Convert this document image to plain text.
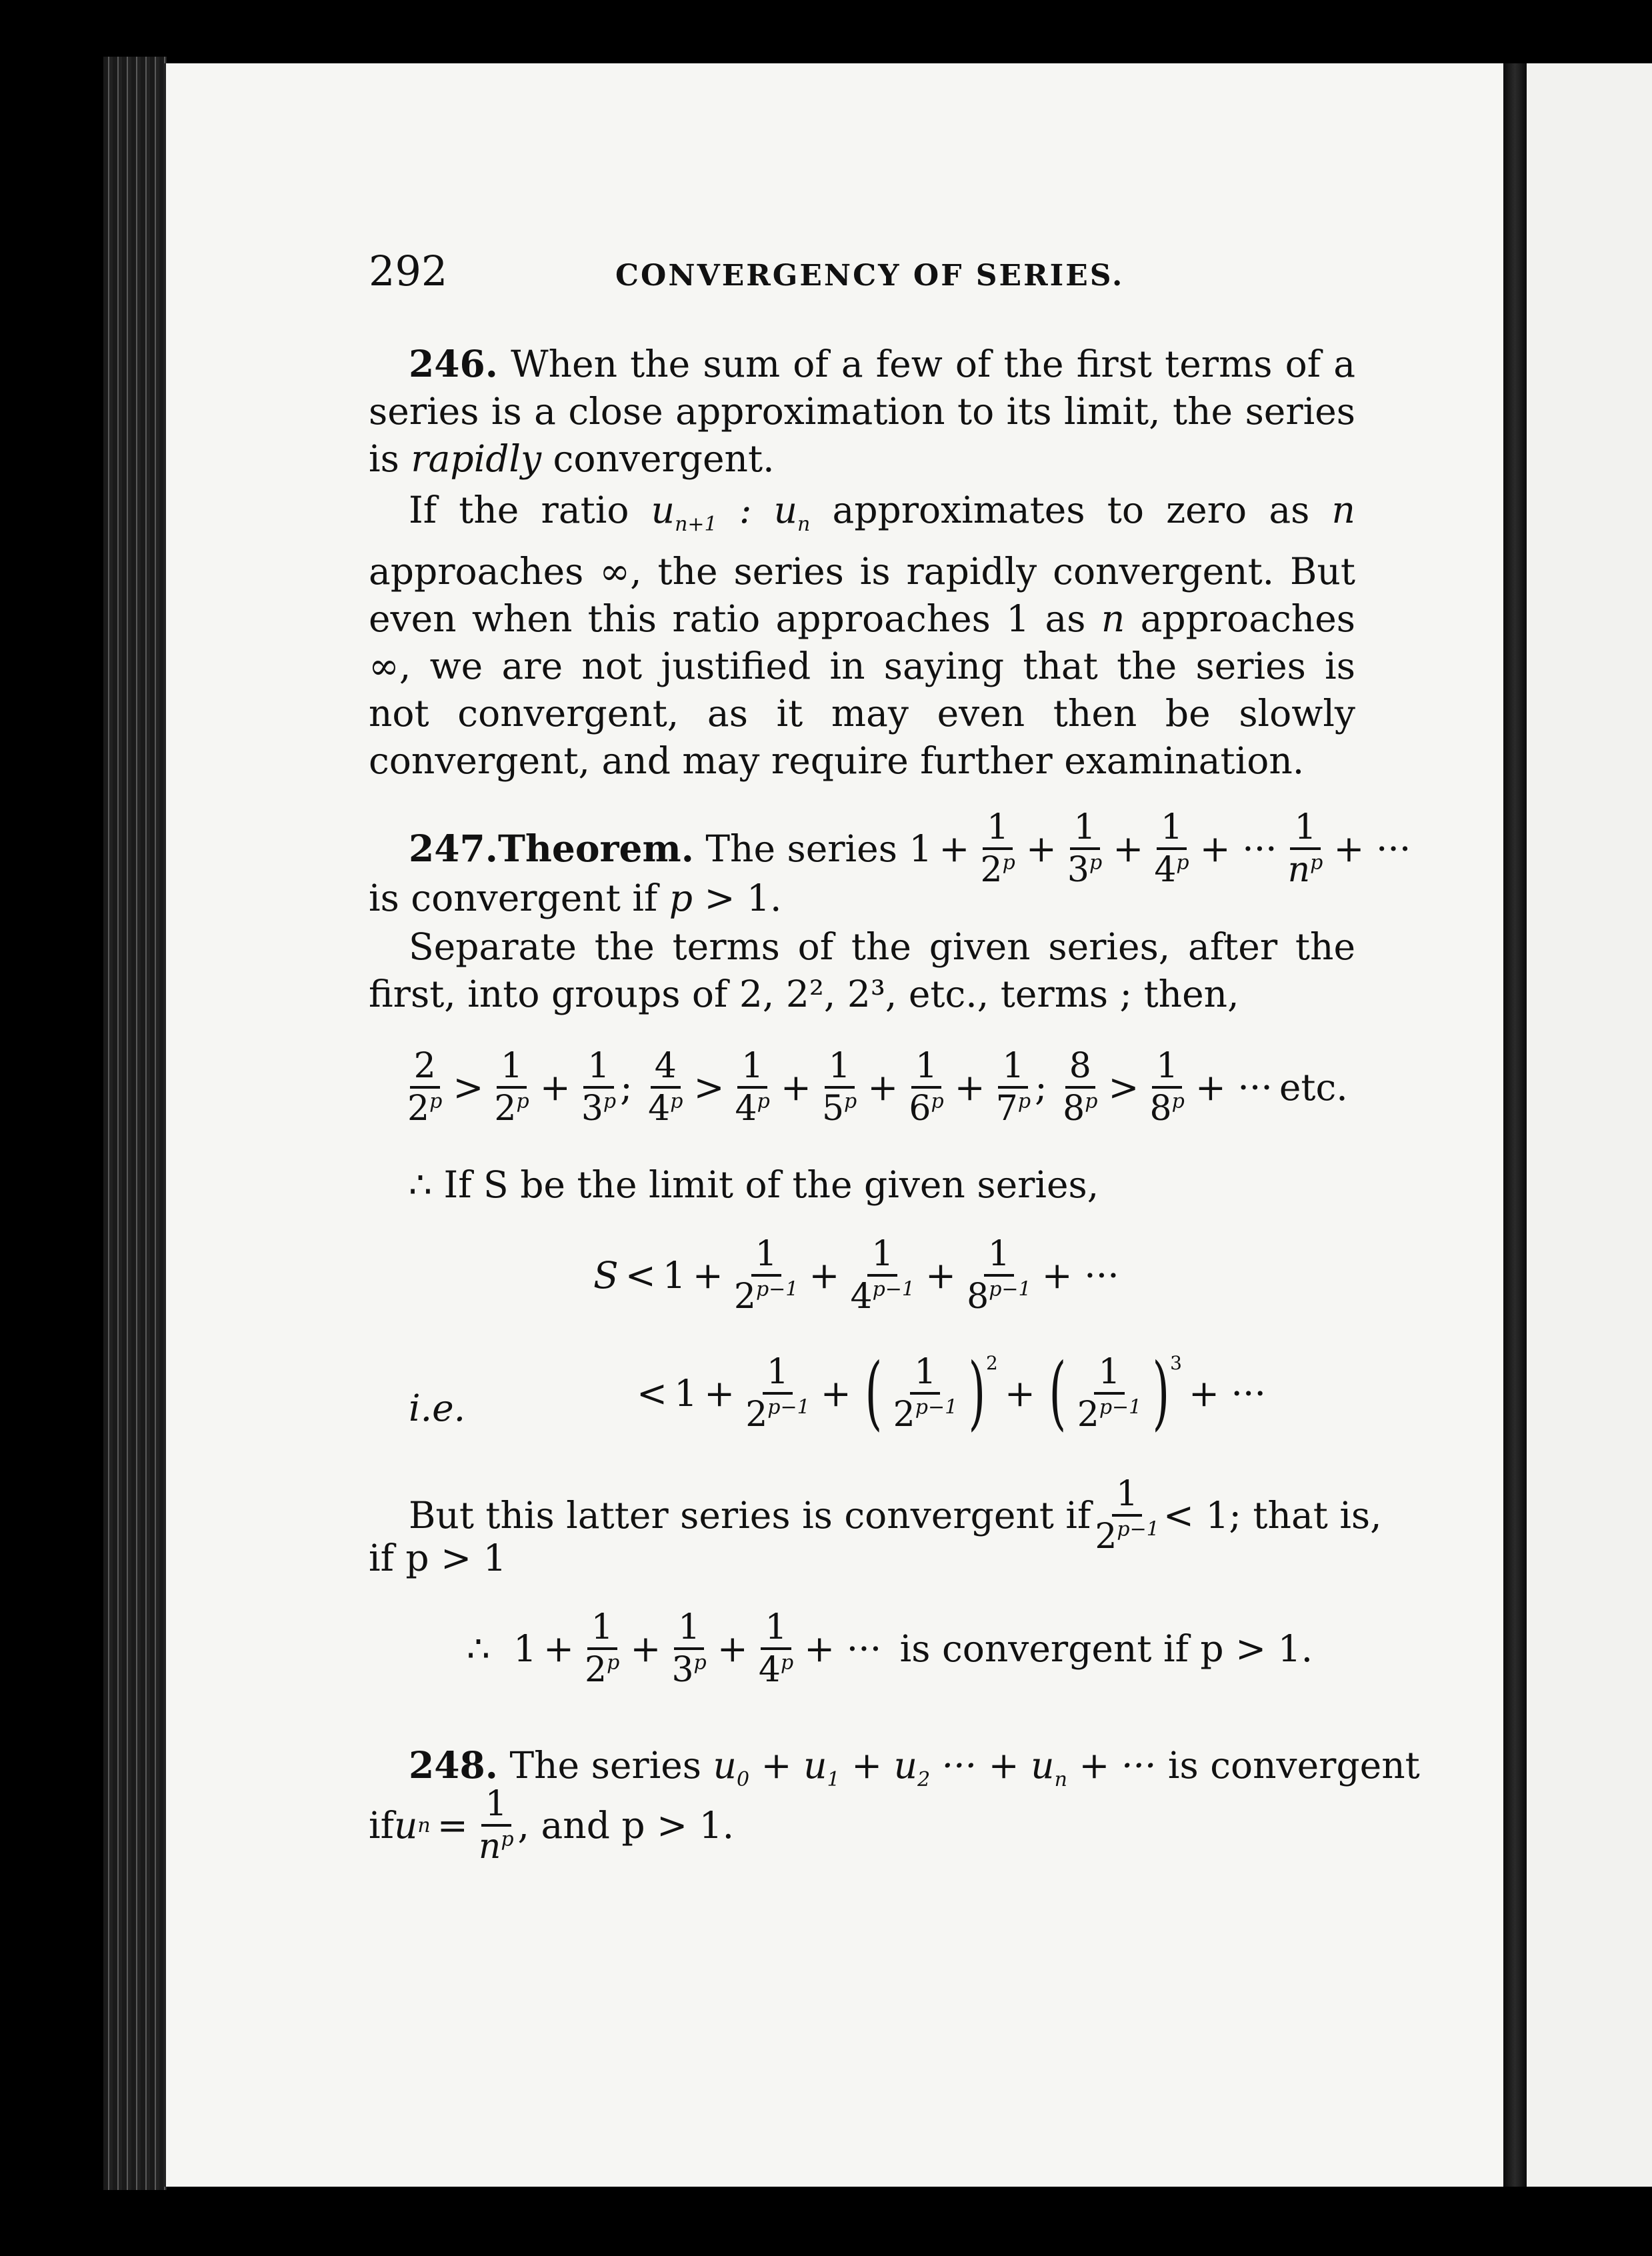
292	CONVERGENCY OF SERIES.
246. When the sum of a few of the first terms of a series is a close approximation to its limit, the series is rapidly convergent.
If the ratio $u_{n+1}$ : $u_n$ approximates to zero as n approaches ∞, the series is rapidly convergent. But even when this ratio approaches 1 as n approaches ∞, we are not justified in saying that the series is not convergent, as it may even then be slowly convergent, and may require further examination.
247.Theorem. The series $1 + \frac{1}{2^p} + \frac{1}{3^p} + \frac{1}{4^p}$ + ··· 1
$n^p$ + ···
is convergent if p > 1.
Separate the terms of the given series, after the first, into groups of 2, 2², 2³, etc., terms ; then,
2
$2^p > 1$
$2^p + \frac{1}{3^p}$ ; 4
$4^p > 1$
$4^p + \frac{1}{5^p} + \frac{1}{6^p} + \frac{1}{7^p}$ ; 8
$8^p > 1$
$8^p$ + ··· etc.
∴ If S be the limit of the given series,
$S < 1 + \frac{1}{2^{p-1}} + \frac{1}{4^{p-1}} + \frac{1}{8^{p-1}}$ + ···
i.e.	< $1 + \frac{1}{2^{p-1}}$ + ( 1
$2^{p-1}$ ) 2
+ ( 1
$2^{p-1}$ ) 3
+ ···
But this latter series is convergent if 1
$2^{p-1} < 1$; that is,
if p > 1
∴  $1 + \frac{1}{2^p} + \frac{1}{3^p} + \frac{1}{4^p}$ + ···
is convergent if p > 1.
248. The series $u_0 + u_1 + u_2$ ··· + $u_n$ + ··· is convergent
if u $n = \frac{1}{n^p}$ , and p > 1.
